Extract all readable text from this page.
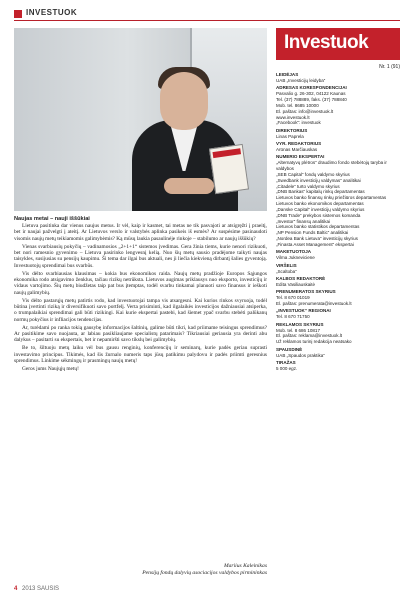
INVESTUOK
Naujas metai – nauji iššūkiai

Lietuva pasitinka dar vienus naujus metus. Ir vėl, kaip ir kasmet, tai metas ne tik pasvajoti ar atsigręžti į praeitį, bet ir naujai pažvelgti į ateitį. Ar Lietuvos verslo ir valstybės aplinka pasikeis iš esmės? Ar suspėsime pasinaudoti visomis naujų metų teikiamomis galimybėmis? Ką mūsų laukia pasaulinėje rinkoje – stabilumo ar naujų iššūkių?

Vienas svarbiausių pokyčių – vadinamosios „2+1+1“ sistemos įvedimas. Gera žinia tiems, kurie nenori rizikuoti, bet nori ramesnio gyvenimo – Lietuva pasirinko lengvesnį kelią. Nuo šių metų sausio pradėjome taikyti naujas taisykles, susijusias su pensijų kaupimu. Ši tema dar ilgai bus aktuali, nes ji liečia kiekvieną dirbantį šalies gyventoją. Investuotojų sprendimai bus svarbūs.

Vis dėlto svarbiausias klausimas – kokia bus ekonomikos raida. Naujų metų pradžioje Europos Sąjungos ekonomika rodo atsigavimo ženklus, tačiau rizikų netrūksta. Lietuvos augimas priklausys nuo eksporto, investicijų ir vidaus vartojimo. Šių metų biudžetas taip pat bus įtemptas, todėl svarbu tinkamai planuoti savo finansus ir ieškoti naujų galimybių.

Vis dėlto pastarųjų metų patirtis rodo, kad investuotojai tampa vis atsargesni. Kai kurios rinkos svyruoja, todėl būtina įvertinti riziką ir diversifikuoti savo portfelį. Verta prisiminti, kad ilgalaikės investicijos dažniausiai atsiperka, o trumpalaikiai sprendimai gali būti rizikingi. Kai kurie ekspertai pastebi, kad šiemet ypač svarbu stebėti palūkanų normų pokyčius ir infliacijos tendencijas.

Ar, turėdami po ranka tokią gausybę informacijos šaltinių, galime būti tikri, kad priimame teisingus sprendimus? Ar pasitikime savo nuojauta, ar labiau pasikliaujame specialistų patarimais? Tikriausiai geriausia yra derinti abu dalykus – pasitarti su ekspertais, bet ir nepamiršti savo tikslų bei galimybių.

Be to, šiltuoju metų laiku vėl bus gausu renginių, konferencijų ir seminarų, kurie padės geriau suprasti investavimo principus. Tikimės, kad šis žurnalo numeris taps jūsų patikimu palydovu ir padės priimti geresnius sprendimus. Linkime sėkmingų ir prasmingų naujų metų!

Geros jums Naujųjų metų!

Mariius Kaleinikas
Pensijų fondų dalyvių asociacijos valdybos pirmininkas
4 2013 SAUSIS
Investuok
Nr. 1 (91)
LEIDĖJAS
UAB „Investicijų leidyba“
ADRESAS KORESPONDENCIJAI
Pasvalio g. 26-302, 04122 Kaunas
Tel. (37) 788889, faks. (37) 788840
Mob. tel. 8685 10000
El. paštas: info@investuok.lt
www.investuok.lt
„Facebook“: investuok
DIREKTORIUS
Linas Paprela
VYR. REDAKTORIUS
Arūnas Marčiauskas
NUMERIO EKSPERTAI
„Alternatyvų plėtros“ draudimo fondo stebėtojų taryba ir valdybos
„SEB Capital“ fondų valdymo skyrius
„Swedbank investicijų valdymas“ analitikai
„Citadele“ turto valdymo skyrius
„DNB Bankas“ kapitalų rinkų departamentas
Lietuvos banko finansų rinkų priežiūros departamentas
Lietuvos banko ekonomikos departamentas
„Danske Capital“ investicijų valdymo skyrius
„DNB Trade“ prekybos sistemos komanda
„Investor“ finansų analitikai
Lietuvos banko statistikos departamentas
„NP Pension Funds Baltic“ analitikai
„Nordea Bank Lietuva“ investicijų skyrius
„Finasta Asset Management“ ekspertai
MAKETUOTOJA
Vilma Jukneviciene
VIRŠELIS
„Scaltoba“
KALBOS REDAKTORĖ
Edita Vasiliauskaitė
PRENUMERATOS SKYRIUS
Tel. 8 670 01019
El. paštas: prenumerata@investuok.lt
„INVESTUOK“ REGIONAI
Tel. 8 670 71750
REKLAMOS SKYRIUS
Mob. tel. 8 686 10817
El. paštas: reklama@investuok.lt
Už reklamos turinį redakcija neatsako
SPAUSDINĖ
UAB „Spaudos praktika“
TIRAŽAS
5 000 egz.
